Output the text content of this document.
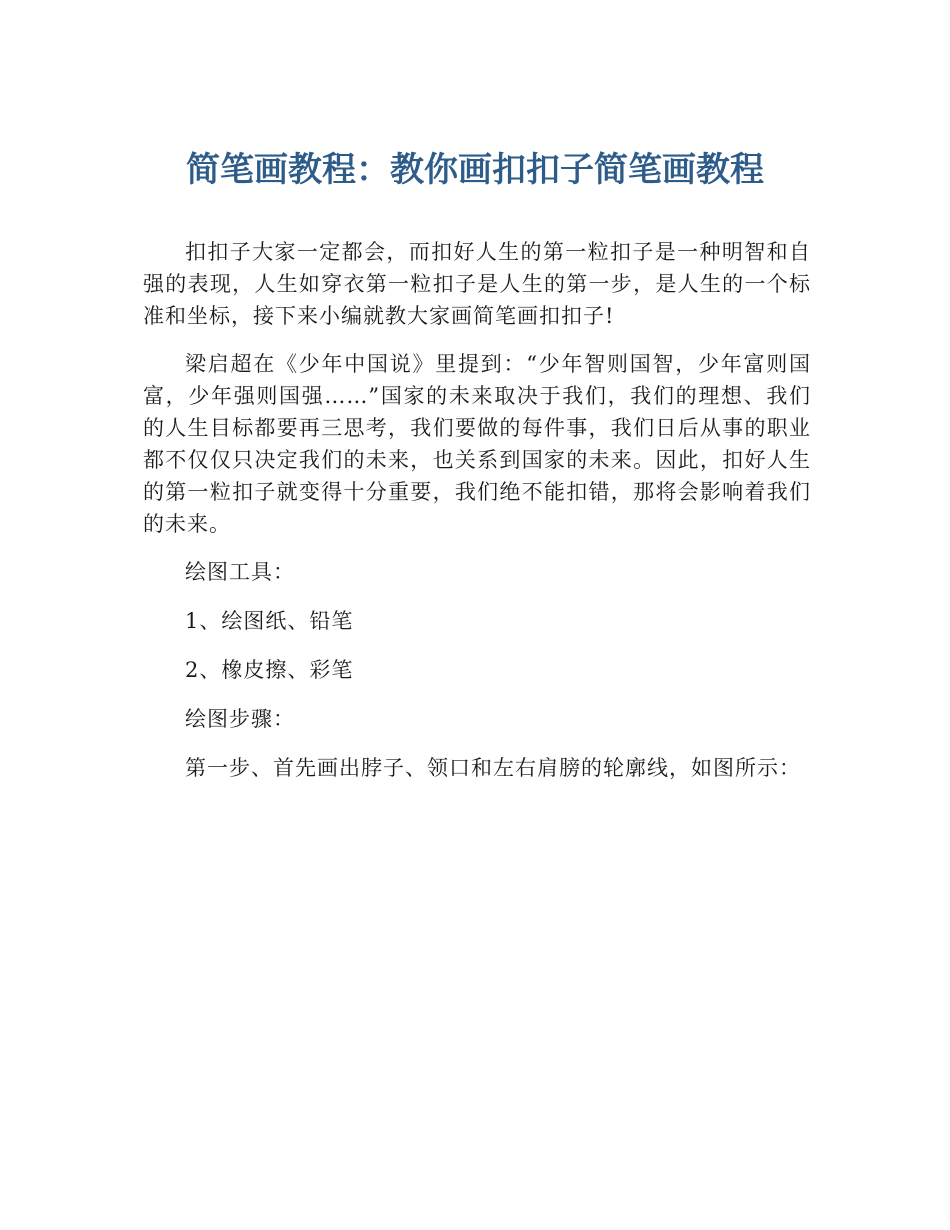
简笔画教程：教你画扣扣子简笔画教程

扣扣子大家一定都会，而扣好人生的第一粒扣子是一种明智和自强的表现，人生如穿衣第一粒扣子是人生的第一步，是人生的一个标准和坐标，接下来小编就教大家画简笔画扣扣子!

梁启超在《少年中国说》里提到：“少年智则国智，少年富则国富，少年强则国强……”国家的未来取决于我们，我们的理想、我们的人生目标都要再三思考，我们要做的每件事，我们日后从事的职业都不仅仅只决定我们的未来，也关系到国家的未来。因此，扣好人生的第一粒扣子就变得十分重要，我们绝不能扣错，那将会影响着我们的未来。

绘图工具：

1、绘图纸、铅笔

2、橡皮擦、彩笔

绘图步骤：

第一步、首先画出脖子、领口和左右肩膀的轮廓线，如图所示：
